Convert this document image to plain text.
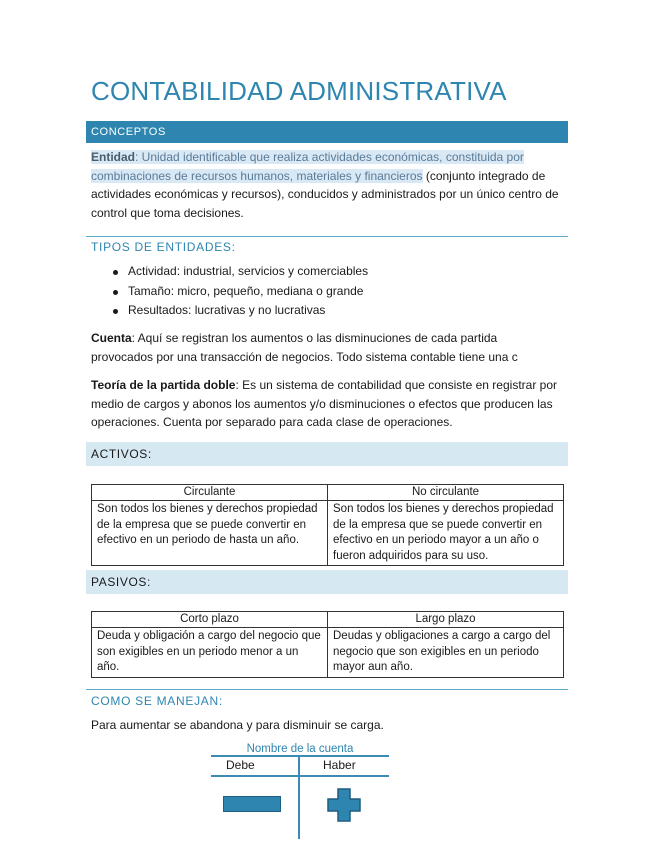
CONTABILIDAD ADMINISTRATIVA
CONCEPTOS
Entidad: Unidad identificable que realiza actividades económicas, constituida por combinaciones de recursos humanos, materiales y financieros (conjunto integrado de actividades económicas y recursos), conducidos y administrados por un único centro de control que toma decisiones.
TIPOS DE ENTIDADES:
Actividad: industrial, servicios y comerciables
Tamaño: micro, pequeño, mediana o grande
Resultados: lucrativas y no lucrativas
Cuenta: Aquí se registran los aumentos o las disminuciones de cada partida provocados por una transacción de negocios. Todo sistema contable tiene una c
Teoría de la partida doble: Es un sistema de contabilidad que consiste en registrar por medio de cargos y abonos los aumentos y/o disminuciones o efectos que producen las operaciones. Cuenta por separado para cada clase de operaciones.
ACTIVOS:
Circulante	No circulante
Son todos los bienes y derechos propiedad de la empresa que se puede convertir en efectivo en un periodo de hasta un año.	Son todos los bienes y derechos propiedad de la empresa que se puede convertir en efectivo en un periodo mayor a un año o fueron adquiridos para su uso.
PASIVOS:
Corto plazo	Largo plazo
Deuda y obligación a cargo del negocio que son exigibles en un periodo menor a un año.	Deudas y obligaciones a cargo a cargo del negocio que son exigibles en un periodo mayor aun año.
COMO SE MANEJAN:
Para aumentar se abandona y para disminuir se carga.
Nombre de la cuenta
Debe	Haber
